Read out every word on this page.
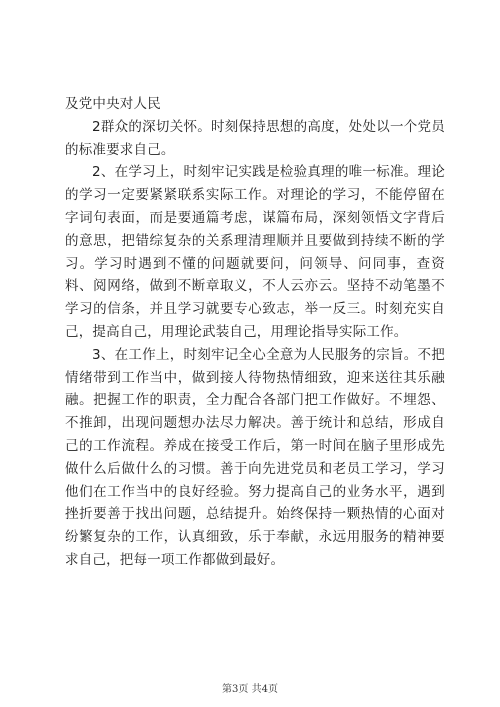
及党中央对人民

2群众的深切关怀。时刻保持思想的高度，处处以一个党员的标准要求自己。

2、在学习上，时刻牢记实践是检验真理的唯一标准。理论的学习一定要紧紧联系实际工作。对理论的学习，不能停留在字词句表面，而是要通篇考虑，谋篇布局，深刻领悟文字背后的意思，把错综复杂的关系理清理顺并且要做到持续不断的学习。学习时遇到不懂的问题就要问，问领导、问同事，查资料、阅网络，做到不断章取义，不人云亦云。坚持不动笔墨不学习的信条，并且学习就要专心致志，举一反三。时刻充实自己，提高自己，用理论武装自己，用理论指导实际工作。

3、在工作上，时刻牢记全心全意为人民服务的宗旨。不把情绪带到工作当中，做到接人待物热情细致，迎来送往其乐融融。把握工作的职责，全力配合各部门把工作做好。不埋怨、不推卸，出现问题想办法尽力解决。善于统计和总结，形成自己的工作流程。养成在接受工作后，第一时间在脑子里形成先做什么后做什么的习惯。善于向先进党员和老员工学习，学习他们在工作当中的良好经验。努力提高自己的业务水平，遇到挫折要善于找出问题，总结提升。始终保持一颗热情的心面对纷繁复杂的工作，认真细致，乐于奉献，永远用服务的精神要求自己，把每一项工作都做到最好。

第3页 共4页
